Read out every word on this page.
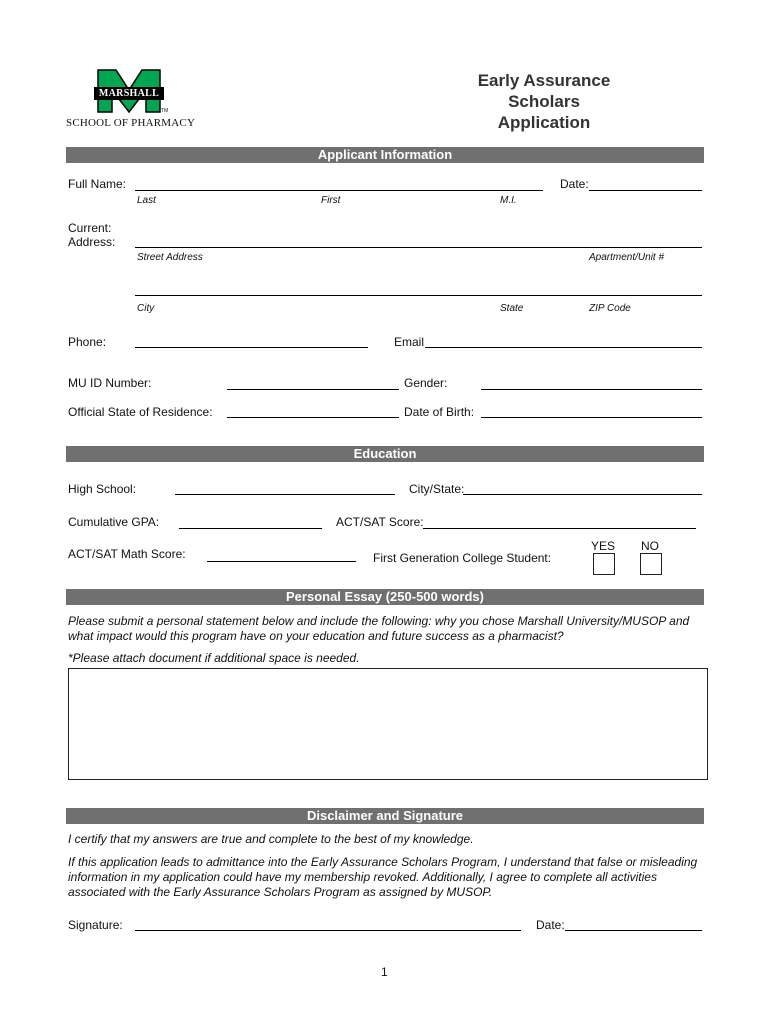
MARSHALL
TM
SCHOOL OF PHARMACY
Early Assurance
Scholars
Application
Applicant Information
Full Name:
Last	First	M.I.
Date:
Current:
Address:
Street Address	Apartment/Unit #
City	State	ZIP Code
Phone:	Email
MU ID Number:	Gender:
Official State of Residence:	Date of Birth:
Education
High School:	City/State:
Cumulative GPA:	ACT/SAT Score:
ACT/SAT Math Score:	First Generation College Student:
YES NO
Personal Essay (250-500 words)
Please submit a personal statement below and include the following: why you chose Marshall University/MUSOP and what impact would this program have on your education and future success as a pharmacist?
*Please attach document if additional space is needed.
Disclaimer and Signature
I certify that my answers are true and complete to the best of my knowledge.
If this application leads to admittance into the Early Assurance Scholars Program, I understand that false or misleading information in my application could have my membership revoked. Additionally, I agree to complete all activities associated with the Early Assurance Scholars Program as assigned by MUSOP.
Signature:	Date:
1
